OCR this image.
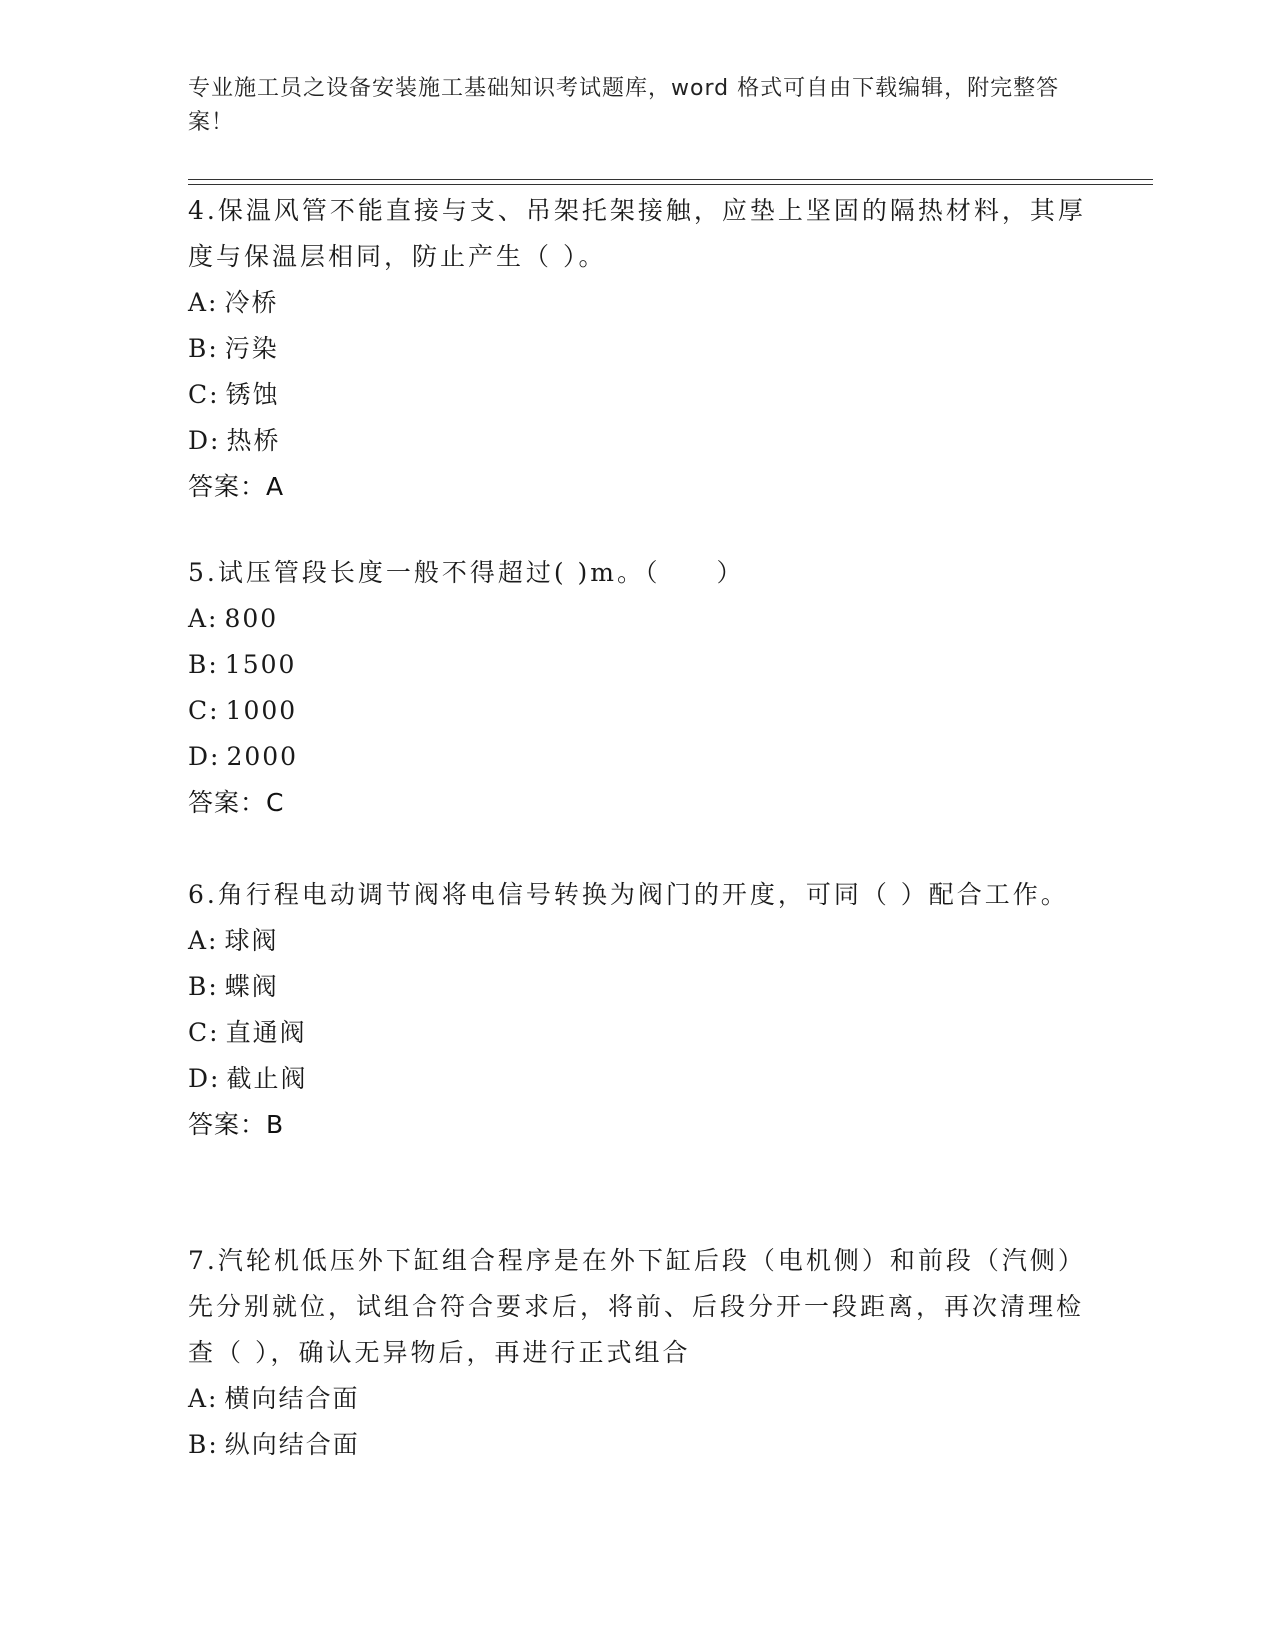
专业施工员之设备安装施工基础知识考试题库，word 格式可自由下载编辑，附完整答案！

4.保温风管不能直接与支、吊架托架接触，应垫上坚固的隔热材料，其厚度与保温层相同，防止产生（ ）。

A: 冷桥

B: 污染

C: 锈蚀

D: 热桥

答案：A

5.试压管段长度一般不得超过( )m。（　　）

A: 800

B: 1500

C: 1000

D: 2000

答案：C

6.角行程电动调节阀将电信号转换为阀门的开度，可同（ ）配合工作。

A: 球阀

B: 蝶阀

C: 直通阀

D: 截止阀

答案：B

7.汽轮机低压外下缸组合程序是在外下缸后段（电机侧）和前段（汽侧）先分别就位，试组合符合要求后，将前、后段分开一段距离，再次清理检查（ ），确认无异物后，再进行正式组合

A: 横向结合面

B: 纵向结合面
